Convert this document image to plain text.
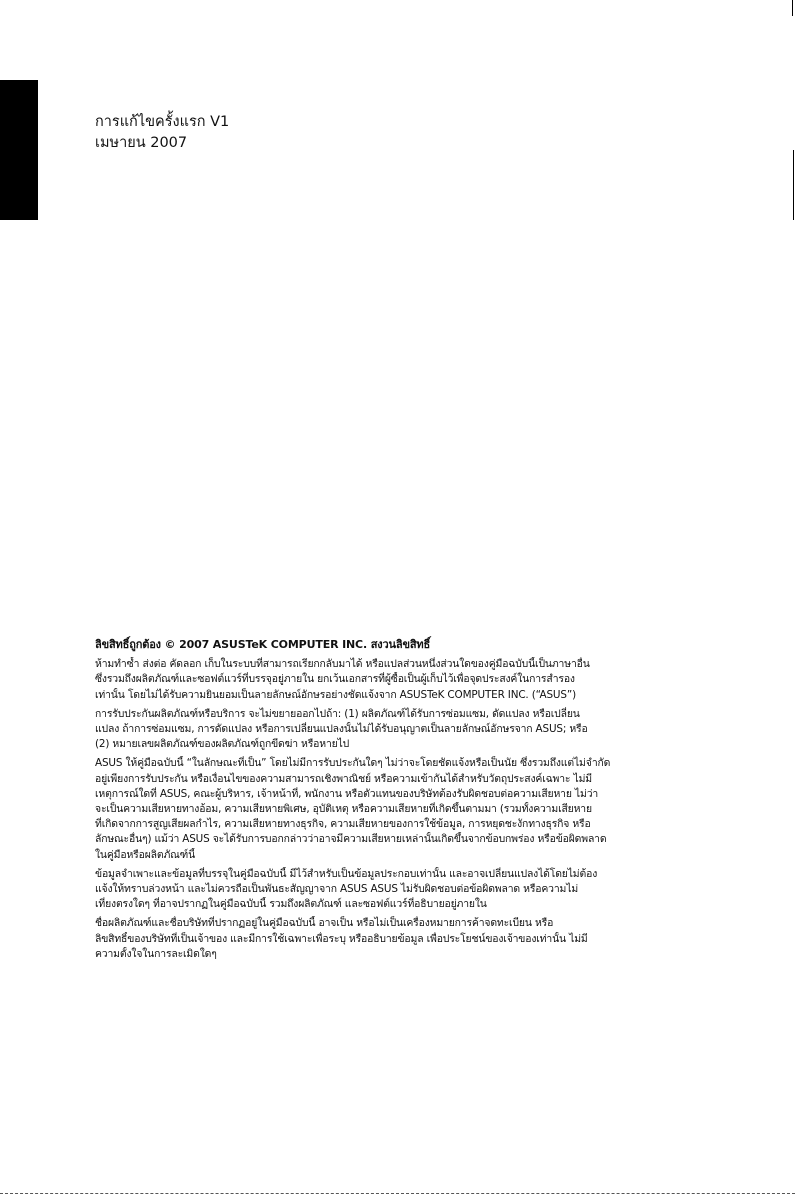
การแก้ไขครั้งแรก V1
เมษายน 2007
ลิขสิทธิ์ถูกต้อง © 2007 ASUSTeK COMPUTER INC. สงวนลิขสิทธิ์
ห้ามทำซ้ำ ส่งต่อ คัดลอก เก็บในระบบที่สามารถเรียกกลับมาได้ หรือแปลส่วนหนึ่งส่วนใดของคู่มือฉบับนี้เป็นภาษาอื่น
ซึ่งรวมถึงผลิตภัณฑ์และซอฟต์แวร์ที่บรรจุอยู่ภายใน ยกเว้นเอกสารที่ผู้ซื้อเป็นผู้เก็บไว้เพื่อจุดประสงค์ในการสำรอง
เท่านั้น โดยไม่ได้รับความยินยอมเป็นลายลักษณ์อักษรอย่างชัดแจ้งจาก ASUSTeK COMPUTER INC. (“ASUS”)
การรับประกันผลิตภัณฑ์หรือบริการ จะไม่ขยายออกไปถ้า: (1) ผลิตภัณฑ์ได้รับการซ่อมแซม, ดัดแปลง หรือเปลี่ยน
แปลง ถ้าการซ่อมแซม, การดัดแปลง หรือการเปลี่ยนแปลงนั้นไม่ได้รับอนุญาตเป็นลายลักษณ์อักษรจาก ASUS; หรือ
(2) หมายเลขผลิตภัณฑ์ของผลิตภัณฑ์ถูกขีดฆ่า หรือหายไป
ASUS ให้คู่มือฉบับนี้ “ในลักษณะที่เป็น” โดยไม่มีการรับประกันใดๆ ไม่ว่าจะโดยชัดแจ้งหรือเป็นนัย ซึ่งรวมถึงแต่ไม่จำกัด
อยู่เพียงการรับประกัน หรือเงื่อนไขของความสามารถเชิงพาณิชย์ หรือความเข้ากันได้สำหรับวัตถุประสงค์เฉพาะ ไม่มี
เหตุการณ์ใดที่ ASUS, คณะผู้บริหาร, เจ้าหน้าที่, พนักงาน หรือตัวแทนของบริษัทต้องรับผิดชอบต่อความเสียหาย ไม่ว่า
จะเป็นความเสียหายทางอ้อม, ความเสียหายพิเศษ, อุบัติเหตุ หรือความเสียหายที่เกิดขึ้นตามมา (รวมทั้งความเสียหาย
ที่เกิดจากการสูญเสียผลกำไร, ความเสียหายทางธุรกิจ, ความเสียหายของการใช้ข้อมูล, การหยุดชะงักทางธุรกิจ หรือ
ลักษณะอื่นๆ) แม้ว่า ASUS จะได้รับการบอกกล่าวว่าอาจมีความเสียหายเหล่านั้นเกิดขึ้นจากข้อบกพร่อง หรือข้อผิดพลาด
ในคู่มือหรือผลิตภัณฑ์นี้
ข้อมูลจำเพาะและข้อมูลที่บรรจุในคู่มือฉบับนี้ มีไว้สำหรับเป็นข้อมูลประกอบเท่านั้น และอาจเปลี่ยนแปลงได้โดยไม่ต้อง
แจ้งให้ทราบล่วงหน้า และไม่ควรถือเป็นพันธะสัญญาจาก ASUS ASUS ไม่รับผิดชอบต่อข้อผิดพลาด หรือความไม่
เที่ยงตรงใดๆ ที่อาจปรากฏในคู่มือฉบับนี้ รวมถึงผลิตภัณฑ์ และซอฟต์แวร์ที่อธิบายอยู่ภายใน
ชื่อผลิตภัณฑ์และชื่อบริษัทที่ปรากฏอยู่ในคู่มือฉบับนี้ อาจเป็น หรือไม่เป็นเครื่องหมายการค้าจดทะเบียน หรือ
ลิขสิทธิ์ของบริษัทที่เป็นเจ้าของ และมีการใช้เฉพาะเพื่อระบุ หรืออธิบายข้อมูล เพื่อประโยชน์ของเจ้าของเท่านั้น ไม่มี
ความตั้งใจในการละเมิดใดๆ
